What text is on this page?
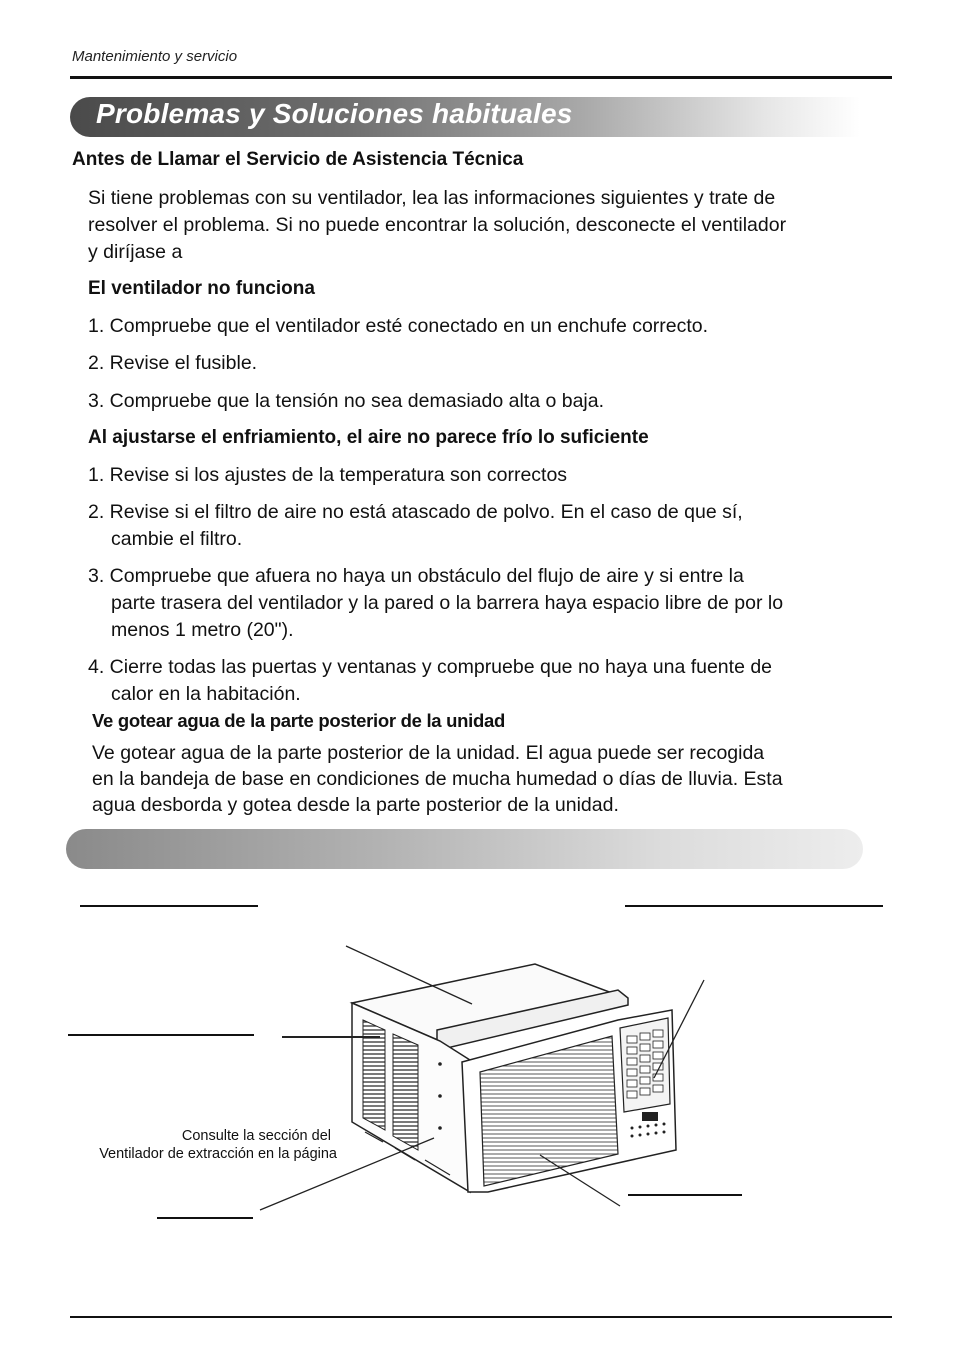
Mantenimiento y servicio
Problemas y Soluciones habituales
Antes de Llamar el Servicio de Asistencia Técnica
Si tiene problemas con su ventilador, lea las informaciones siguientes y trate de
resolver el problema. Si no puede encontrar la solución, desconecte el ventilador
y diríjase a
El ventilador no funciona
1. Compruebe que el ventilador esté conectado en un enchufe correcto.
2. Revise el fusible.
3. Compruebe que la tensión no sea demasiado alta o baja.
Al ajustarse el enfriamiento, el aire no parece frío lo suficiente
1. Revise si los ajustes de la temperatura son correctos
2. Revise si el filtro de aire no está atascado de polvo. En el caso de que sí,
cambie el filtro.
3. Compruebe que afuera no haya un obstáculo del flujo de aire y si entre la
parte trasera del ventilador y la pared o la barrera haya espacio libre de por lo
menos 1 metro (20").
4. Cierre todas las puertas y ventanas y compruebe que no haya una fuente de
calor en la habitación.
Ve gotear agua de la parte posterior de la unidad
Ve gotear agua de la parte posterior de la unidad. El agua puede ser recogida
en la bandeja de base en condiciones de mucha humedad o días de lluvia. Esta
agua desborda y gotea desde la parte posterior de la unidad.
Consulte la sección del
Ventilador de extracción en la página
